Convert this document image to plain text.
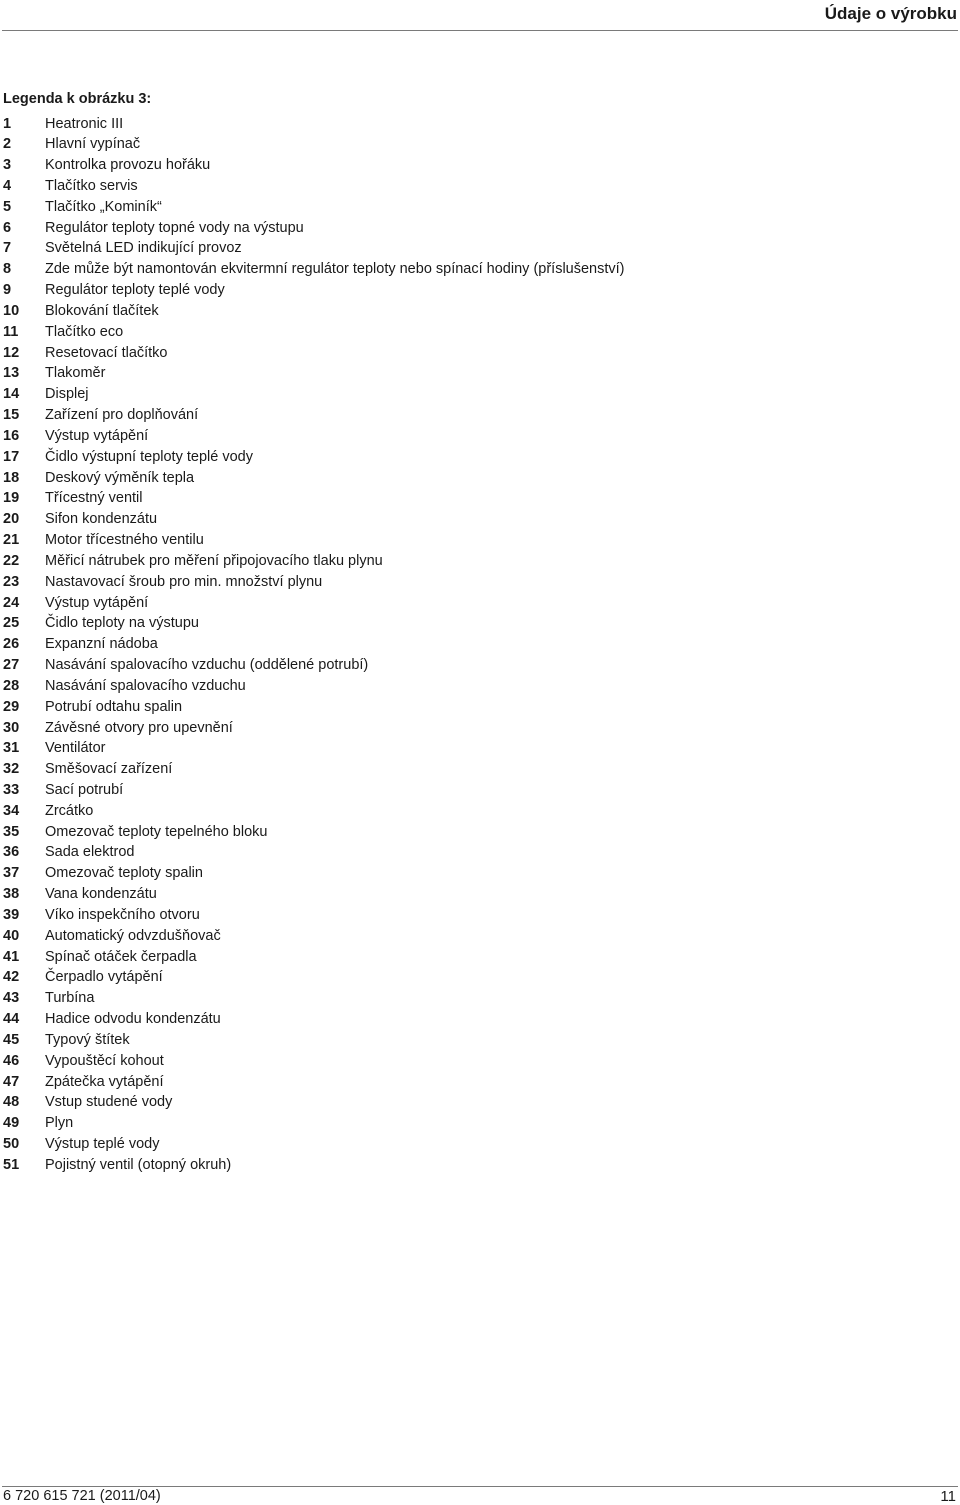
Údaje o výrobku
Legenda k obrázku 3:
1	Heatronic III
2	Hlavní vypínač
3	Kontrolka provozu hořáku
4	Tlačítko servis
5	Tlačítko „Kominík“
6	Regulátor teploty topné vody na výstupu
7	Světelná LED indikující provoz
8	Zde může být namontován ekvitermní regulátor teploty nebo spínací hodiny (příslušenství)
9	Regulátor teploty teplé vody
10	Blokování tlačítek
11	Tlačítko eco
12	Resetovací tlačítko
13	Tlakoměr
14	Displej
15	Zařízení pro doplňování
16	Výstup vytápění
17	Čidlo výstupní teploty teplé vody
18	Deskový výměník tepla
19	Třícestný ventil
20	Sifon kondenzátu
21	Motor třícestného ventilu
22	Měřicí nátrubek pro měření připojovacího tlaku plynu
23	Nastavovací šroub pro min. množství plynu
24	Výstup vytápění
25	Čidlo teploty na výstupu
26	Expanzní nádoba
27	Nasávání spalovacího vzduchu (oddělené potrubí)
28	Nasávání spalovacího vzduchu
29	Potrubí odtahu spalin
30	Závěsné otvory pro upevnění
31	Ventilátor
32	Směšovací zařízení
33	Sací potrubí
34	Zrcátko
35	Omezovač teploty tepelného bloku
36	Sada elektrod
37	Omezovač teploty spalin
38	Vana kondenzátu
39	Víko inspekčního otvoru
40	Automatický odvzdušňovač
41	Spínač otáček čerpadla
42	Čerpadlo vytápění
43	Turbína
44	Hadice odvodu kondenzátu
45	Typový štítek
46	Vypouštěcí kohout
47	Zpátečka vytápění
48	Vstup studené vody
49	Plyn
50	Výstup teplé vody
51	Pojistný ventil (otopný okruh)
6 720 615 721 (2011/04)	11
